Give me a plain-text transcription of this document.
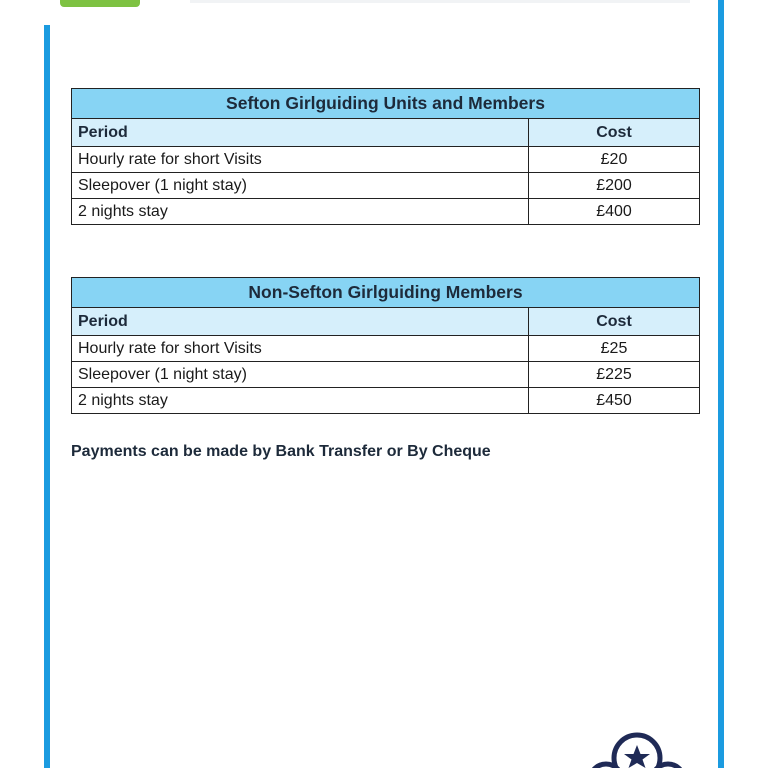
Sefton Girlguiding Units and Members	
Period	Cost
Hourly rate for short Visits	£20
Sleepover (1 night stay)	£200
2 nights stay	£400
Non-Sefton Girlguiding Members	
Period	Cost
Hourly rate for short Visits	£25
Sleepover (1 night stay)	£225
2 nights stay	£450
Payments can be made by Bank Transfer or By Cheque
